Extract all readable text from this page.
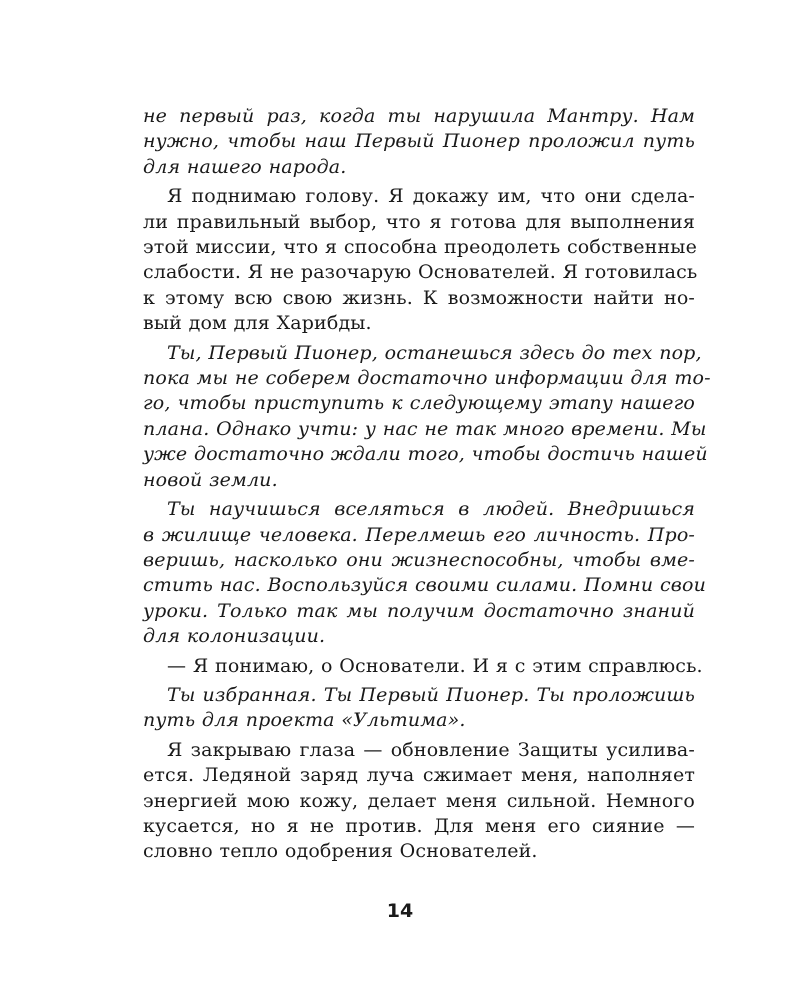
не первый раз, когда ты нарушила Мантру. Нам
нужно, чтобы наш Первый Пионер проложил путь
для нашего народа.
Я поднимаю голову. Я докажу им, что они сдела-
ли правильный выбор, что я готова для выполнения
этой миссии, что я способна преодолеть собственные
слабости. Я не разочарую Основателей. Я готовилась
к этому всю свою жизнь. К возможности найти но-
вый дом для Харибды.
Ты, Первый Пионер, останешься здесь до тех пор,
пока мы не соберем достаточно информации для то-
го, чтобы приступить к следующему этапу нашего
плана. Однако учти: у нас не так много времени. Мы
уже достаточно ждали того, чтобы достичь нашей
новой земли.
Ты научишься вселяться в людей. Внедришься
в жилище человека. Перелмешь его личность. Про-
веришь, насколько они жизнеспособны, чтобы вме-
стить нас. Воспользуйся своими силами. Помни свои
уроки. Только так мы получим достаточно знаний
для колонизации.
— Я понимаю, о Основатели. И я с этим справлюсь.
Ты избранная. Ты Первый Пионер. Ты проложишь
путь для проекта «Ультима».
Я закрываю глаза — обновление Защиты усилива-
ется. Ледяной заряд луча сжимает меня, наполняет
энергией мою кожу, делает меня сильной. Немного
кусается, но я не против. Для меня его сияние —
словно тепло одобрения Основателей.
14
